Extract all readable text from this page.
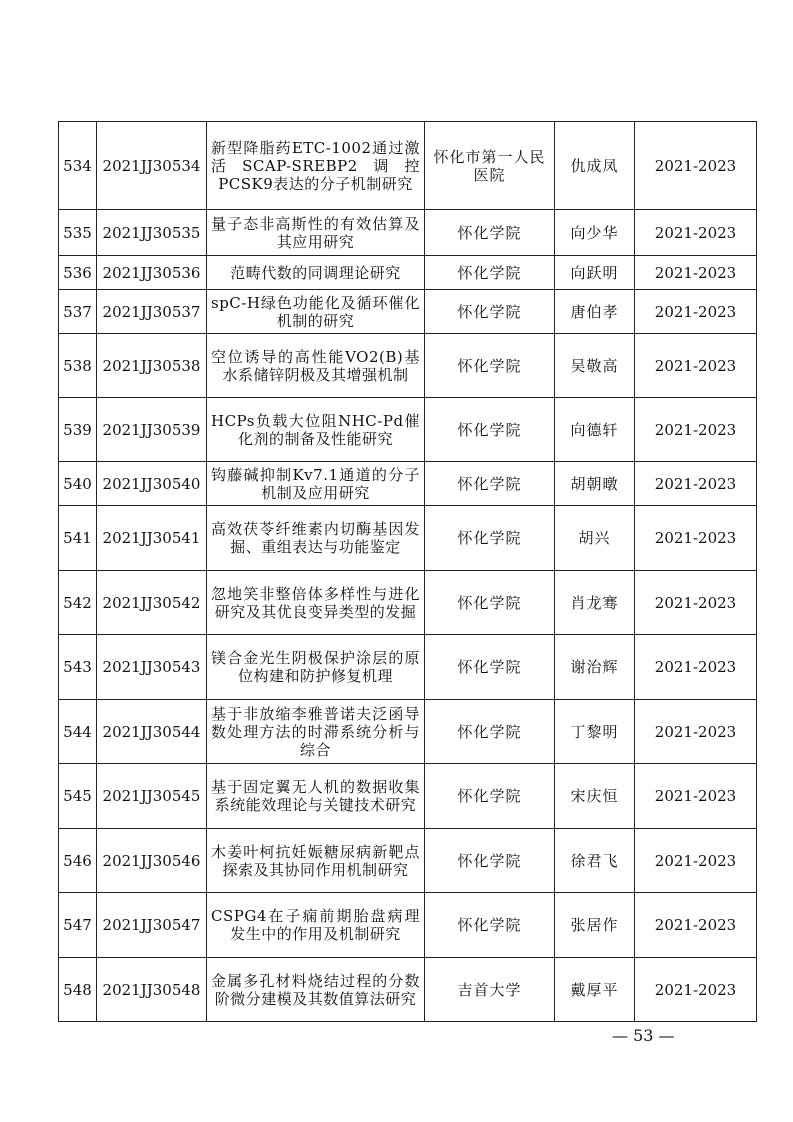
534	2021JJ30534	新型降脂药ETC-1002通过激活SCAP-SREBP2调控PCSK9表达的分子机制研究	怀化市第一人民医院	仇成凤	2021-2023
535	2021JJ30535	量子态非高斯性的有效估算及其应用研究	怀化学院	向少华	2021-2023
536	2021JJ30536	范畴代数的同调理论研究	怀化学院	向跃明	2021-2023
537	2021JJ30537	spC-H绿色功能化及循环催化机制的研究	怀化学院	唐伯孝	2021-2023
538	2021JJ30538	空位诱导的高性能VO2(B)基水系储锌阴极及其增强机制	怀化学院	吴敬高	2021-2023
539	2021JJ30539	HCPs负载大位阻NHC-Pd催化剂的制备及性能研究	怀化学院	向德轩	2021-2023
540	2021JJ30540	钩藤碱抑制Kv7.1通道的分子机制及应用研究	怀化学院	胡朝暾	2021-2023
541	2021JJ30541	高效茯苓纤维素内切酶基因发掘、重组表达与功能鉴定	怀化学院	胡兴	2021-2023
542	2021JJ30542	忽地笑非整倍体多样性与进化研究及其优良变异类型的发掘	怀化学院	肖龙骞	2021-2023
543	2021JJ30543	镁合金光生阴极保护涂层的原位构建和防护修复机理	怀化学院	谢治辉	2021-2023
544	2021JJ30544	基于非放缩李雅普诺夫泛函导数处理方法的时滞系统分析与综合	怀化学院	丁黎明	2021-2023
545	2021JJ30545	基于固定翼无人机的数据收集系统能效理论与关键技术研究	怀化学院	宋庆恒	2021-2023
546	2021JJ30546	木姜叶柯抗妊娠糖尿病新靶点探索及其协同作用机制研究	怀化学院	徐君飞	2021-2023
547	2021JJ30547	CSPG4在子痫前期胎盘病理发生中的作用及机制研究	怀化学院	张居作	2021-2023
548	2021JJ30548	金属多孔材料烧结过程的分数阶微分建模及其数值算法研究	吉首大学	戴厚平	2021-2023
— 53 —
